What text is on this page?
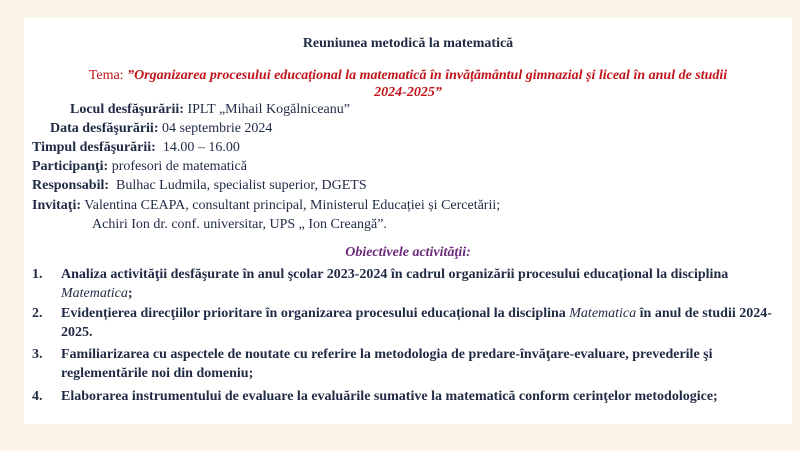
Reuniunea metodică la matematică
Tema: ”Organizarea procesului educațional la matematică în învățământul gimnazial și liceal în anul de studii 2024-2025”
Locul desfăşurării: IPLT „Mihail Kogălniceanu”
Data desfăşurării: 04 septembrie 2024
Timpul desfăşurării:  14.00 – 16.00
Participanţi: profesori de matematică
Responsabil:  Bulhac Ludmila, specialist superior, DGETS
Invitaţi: Valentina CEAPA, consultant principal, Ministerul Educației și Cercetării;
Achiri Ion dr. conf. universitar, UPS „ Ion Creangă”.
Obiectivele activităţii:
1. Analiza activităţii desfăşurate în anul şcolar 2023-2024 în cadrul organizării procesului educațional la disciplina Matematica;
2. Evidențierea direcţiilor prioritare în organizarea procesului educațional la disciplina Matematica în anul de studii 2024-2025.
3. Familiarizarea cu aspectele de noutate cu referire la metodologia de predare-învăţare-evaluare, prevederile şi reglementările noi din domeniu;
4. Elaborarea instrumentului de evaluare la evaluările sumative la matematică conform cerinţelor metodologice;
